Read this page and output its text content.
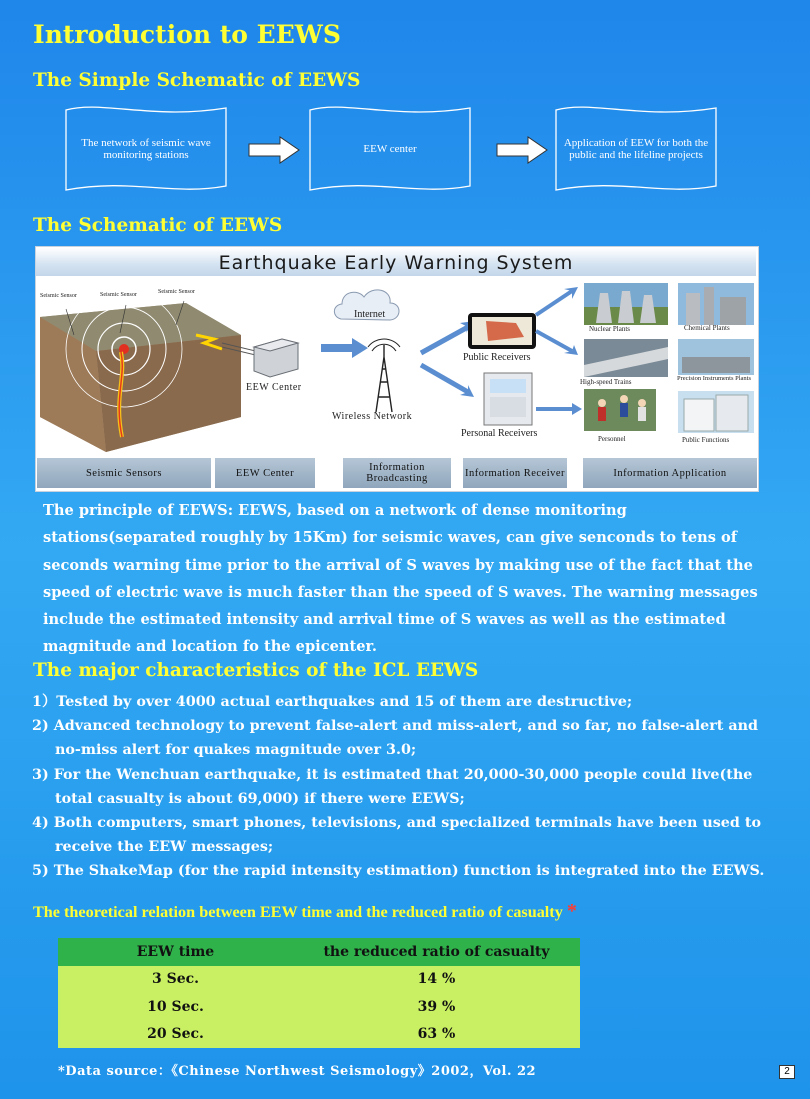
Introduction to EEWS
The Simple Schematic of EEWS
The network of seismic wave monitoring stations	EEW center	Application of EEW for both the public and the lifeline projects
The Schematic of EEWS
Earthquake Early Warning System
Seismic Sensor	Seismic Sensor	Seismic Sensor
EEW Center
Internet
Wireless Network
Public Receivers
Personal Receivers
Nuclear Plants	Chemical Plants
High-speed Trains	Precision Instruments Plants
Personnel	Public Functions
Seismic Sensors	EEW Center	Information Broadcasting	Information Receiver	Information Application
The principle of EEWS: EEWS, based on a network of dense monitoring stations(separated roughly by 15Km) for seismic waves, can give senconds to tens of seconds warning time prior to the arrival of S waves by making use of the fact that the speed of electric wave is much faster than the speed of S waves. The warning messages include the estimated intensity and arrival time of S waves as well as the estimated magnitude and location fo the epicenter.
The major characteristics of the ICL EEWS
1）Tested by over 4000 actual earthquakes and 15 of them are destructive;
2) Advanced technology to prevent false-alert and miss-alert, and so far, no false-alert and
no-miss alert for quakes magnitude over 3.0;
3) For the Wenchuan earthquake, it is estimated that 20,000-30,000 people could live(the
total casualty is about 69,000) if there were EEWS;
4) Both computers, smart phones, televisions, and specialized terminals have been used to
receive the EEW messages;
5) The ShakeMap (for the rapid intensity estimation) function is integrated into the EEWS.
The theoretical relation between EEW time and the reduced ratio of casualty *
EEW time	the reduced ratio of casualty
3 Sec.	14 %
10 Sec.	39 %
20 Sec.	63 %
*Data source：《Chinese Northwest Seismology》2002，Vol. 22	2
